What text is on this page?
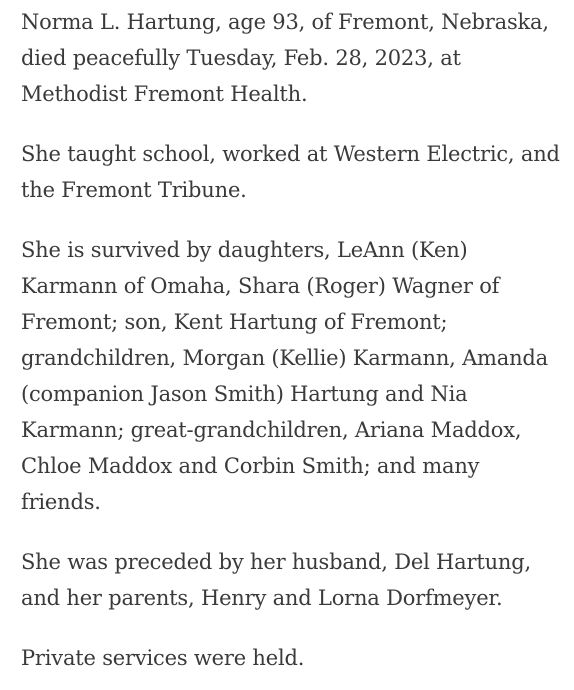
Norma L. Hartung, age 93, of Fremont, Nebraska, died peacefully Tuesday, Feb. 28, 2023, at Methodist Fremont Health.

She taught school, worked at Western Electric, and the Fremont Tribune.

She is survived by daughters, LeAnn (Ken) Karmann of Omaha, Shara (Roger) Wagner of Fremont; son, Kent Hartung of Fremont; grandchildren, Morgan (Kellie) Karmann, Amanda (companion Jason Smith) Hartung and Nia Karmann; great-grandchildren, Ariana Maddox, Chloe Maddox and Corbin Smith; and many friends.

She was preceded by her husband, Del Hartung, and her parents, Henry and Lorna Dorfmeyer.

Private services were held.
